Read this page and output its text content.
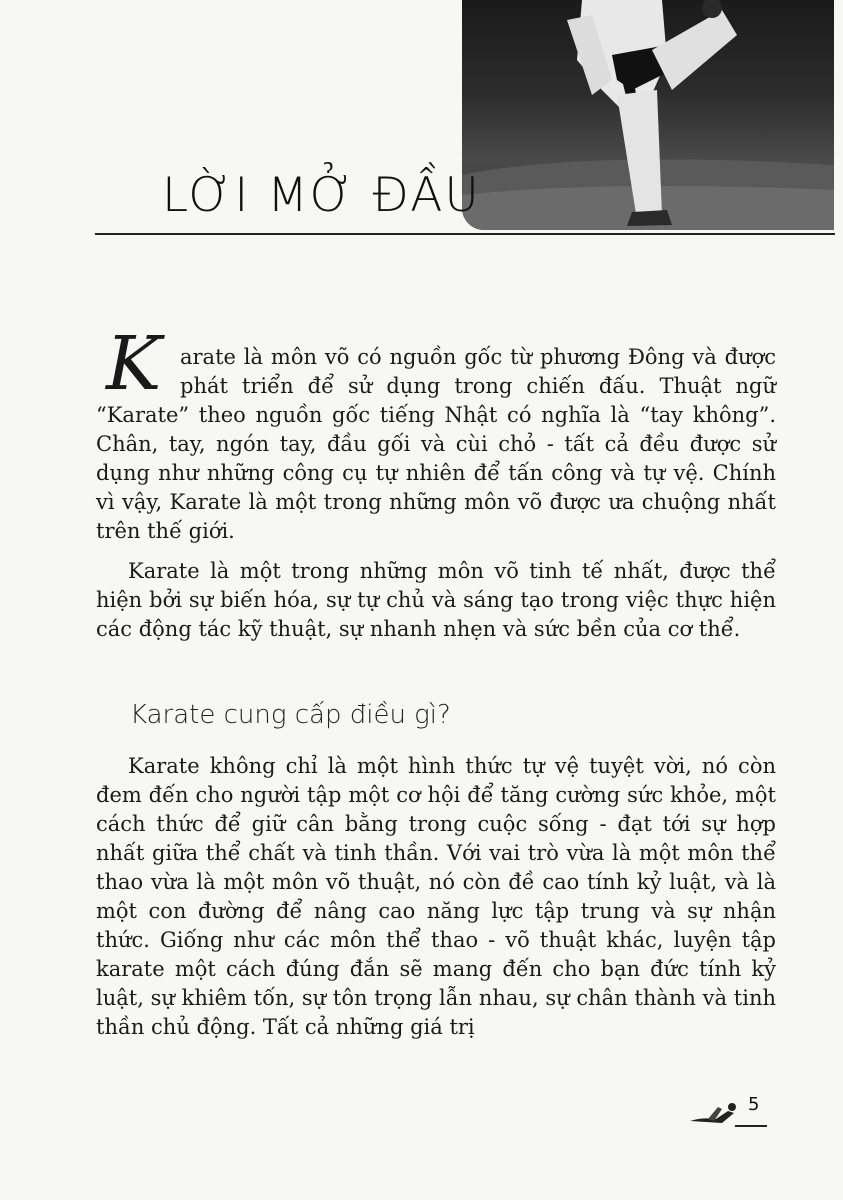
LỜI MỞ ĐẦU

K arate là môn võ có nguồn gốc từ phương Đông và được phát triển để sử dụng trong chiến đấu. Thuật ngữ “Karate” theo nguồn gốc tiếng Nhật có nghĩa là “tay không”. Chân, tay, ngón tay, đầu gối và cùi chỏ - tất cả đều được sử dụng như những công cụ tự nhiên để tấn công và tự vệ. Chính vì vậy, Karate là một trong những môn võ được ưa chuộng nhất trên thế giới.

Karate là một trong những môn võ tinh tế nhất, được thể hiện bởi sự biến hóa, sự tự chủ và sáng tạo trong việc thực hiện các động tác kỹ thuật, sự nhanh nhẹn và sức bền của cơ thể.

Karate cung cấp điều gì?

Karate không chỉ là một hình thức tự vệ tuyệt vời, nó còn đem đến cho người tập một cơ hội để tăng cường sức khỏe, một cách thức để giữ cân bằng trong cuộc sống - đạt tới sự hợp nhất giữa thể chất và tinh thần. Với vai trò vừa là một môn thể thao vừa là một môn võ thuật, nó còn đề cao tính kỷ luật, và là một con đường để nâng cao năng lực tập trung và sự nhận thức. Giống như các môn thể thao - võ thuật khác, luyện tập karate một cách đúng đắn sẽ mang đến cho bạn đức tính kỷ luật, sự khiêm tốn, sự tôn trọng lẫn nhau, sự chân thành và tinh thần chủ động. Tất cả những giá trị

5
